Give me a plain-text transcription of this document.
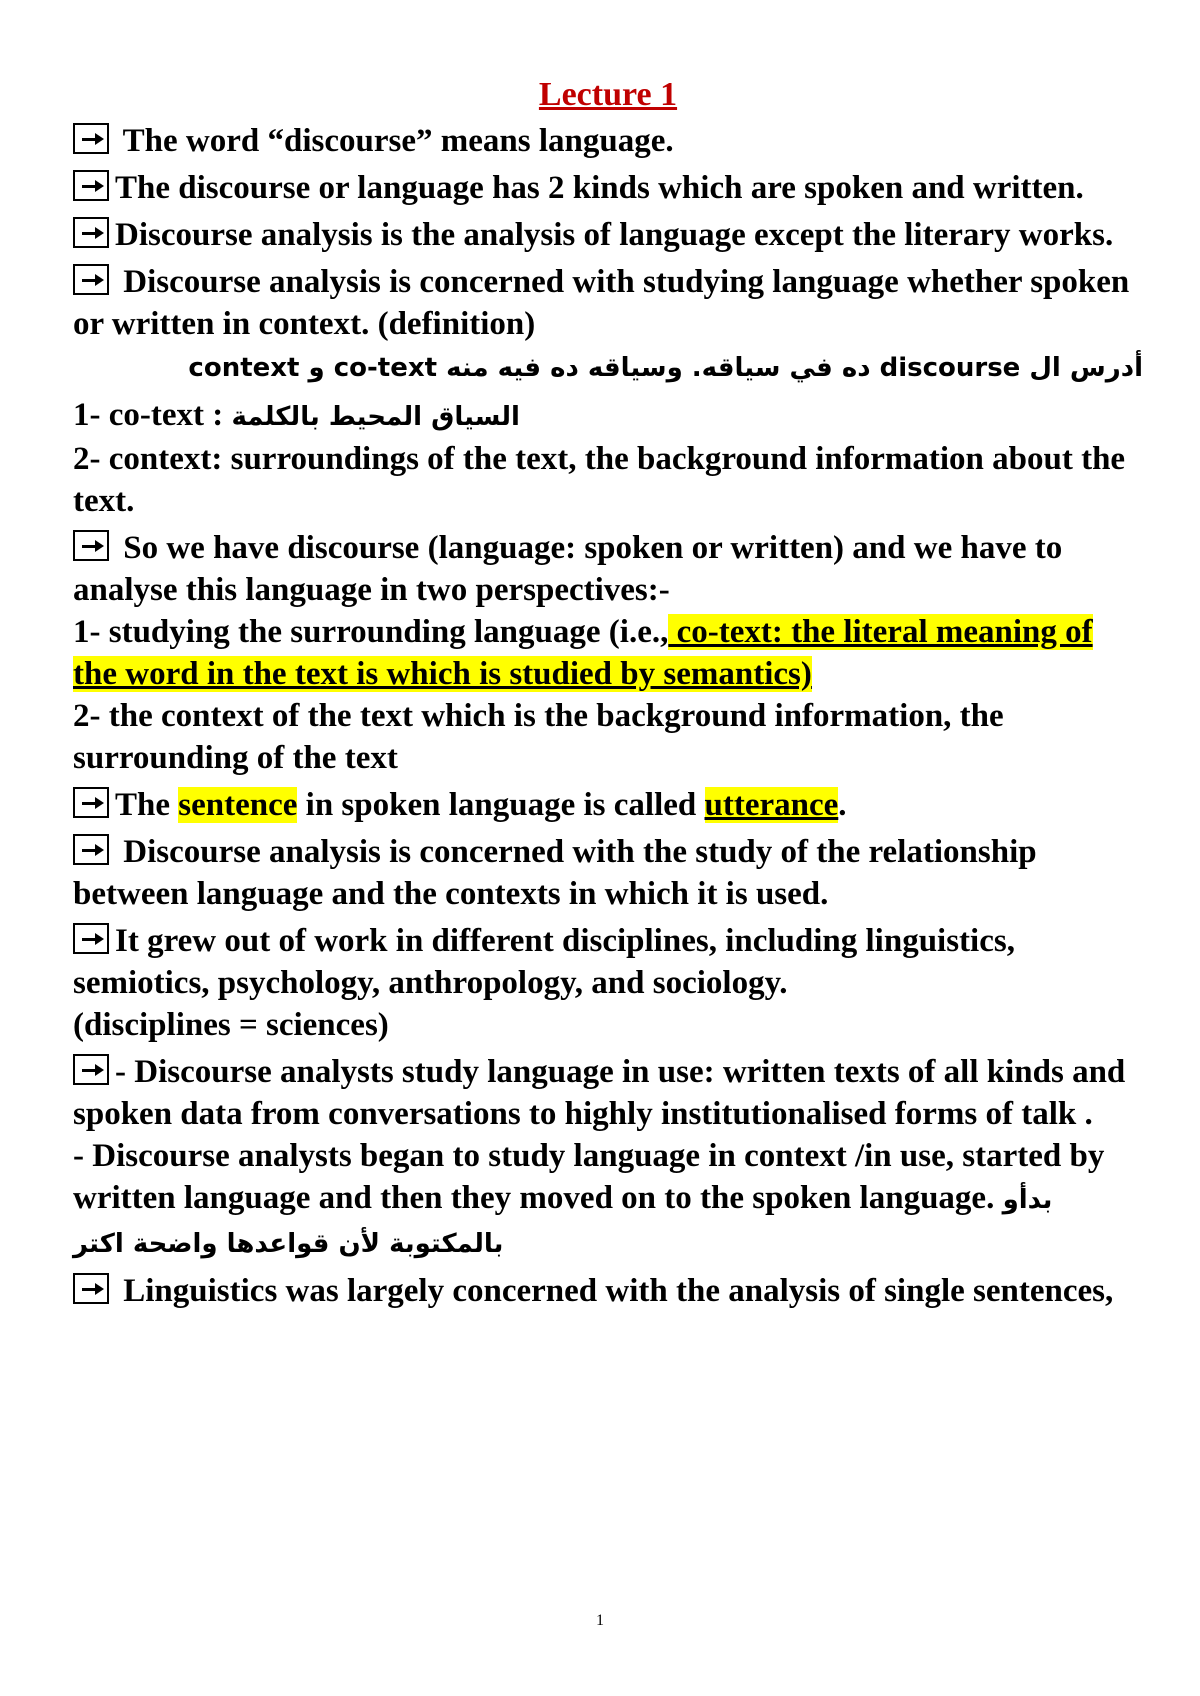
Lecture 1

The word “discourse” means language.

The discourse or language has 2 kinds which are spoken and written.

Discourse analysis is the analysis of language except the literary works.

Discourse analysis is concerned with studying language whether spoken or written in context. (definition)

أدرس ال discourse ده في سياقه. وسياقه ده فيه منه co-text و context

1- co-text : السياق المحيط بالكلمة

2- context: surroundings of the text, the background information about the text.

So we have discourse (language: spoken or written) and we have to analyse this language in two perspectives:-

1- studying the surrounding language (i.e., co-text: the literal meaning of the word in the text is which is studied by semantics)

2- the context of the text which is the background information, the surrounding of the text

The sentence in spoken language is called utterance.

Discourse analysis is concerned with the study of the relationship between language and the contexts in which it is used.

It grew out of work in different disciplines, including linguistics, semiotics, psychology, anthropology, and sociology.

(disciplines = sciences)

- Discourse analysts study language in use: written texts of all kinds and spoken data from conversations to highly institutionalised forms of talk .

- Discourse analysts began to study language in context /in use, started by written language and then they moved on to the spoken language. بدأو بالمكتوبة لأن قواعدها واضحة اكتر

Linguistics was largely concerned with the analysis of single sentences,

1
